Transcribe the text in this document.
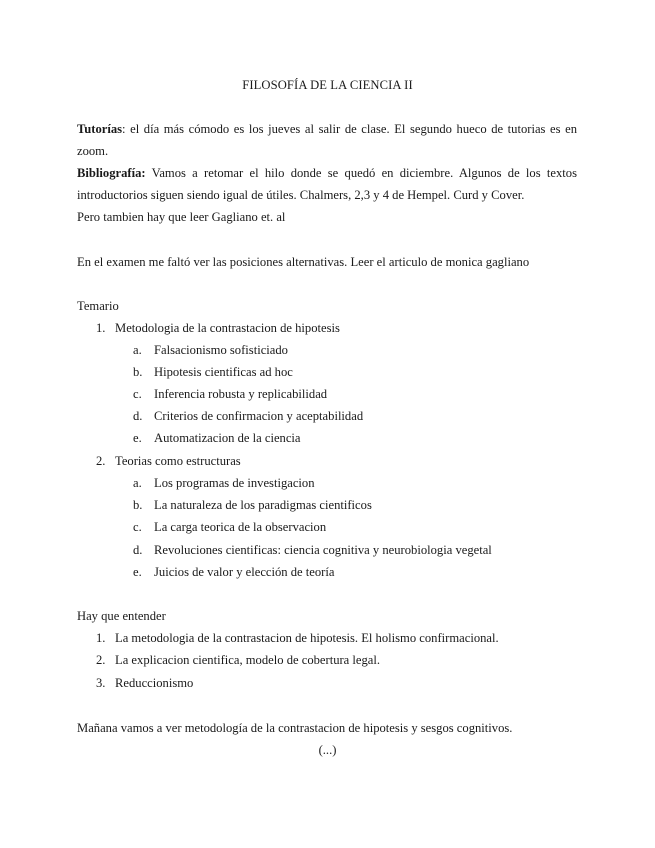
FILOSOFÍA DE LA CIENCIA II
Tutorías: el día más cómodo es los jueves al salir de clase. El segundo hueco de tutorias es en
zoom.
Bibliografía: Vamos a retomar el hilo donde se quedó en diciembre. Algunos de los textos
introductorios siguen siendo igual de útiles. Chalmers, 2,3 y 4 de Hempel. Curd y Cover.
Pero tambien hay que leer Gagliano et. al
En el examen me faltó ver las posiciones alternativas. Leer el articulo de monica gagliano
Temario
1. Metodologia de la contrastacion de hipotesis
a. Falsacionismo sofisticiado
b. Hipotesis cientificas ad hoc
c. Inferencia robusta y replicabilidad
d. Criterios de confirmacion y aceptabilidad
e. Automatizacion de la ciencia
2. Teorias como estructuras
a. Los programas de investigacion
b. La naturaleza de los paradigmas cientificos
c. La carga teorica de la observacion
d. Revoluciones cientificas: ciencia cognitiva y neurobiologia vegetal
e. Juicios de valor y elección de teoría
Hay que entender
1. La metodologia de la contrastacion de hipotesis. El holismo confirmacional.
2. La explicacion cientifica, modelo de cobertura legal.
3. Reduccionismo
Mañana vamos a ver metodología de la contrastacion de hipotesis y sesgos cognitivos.
(...)
